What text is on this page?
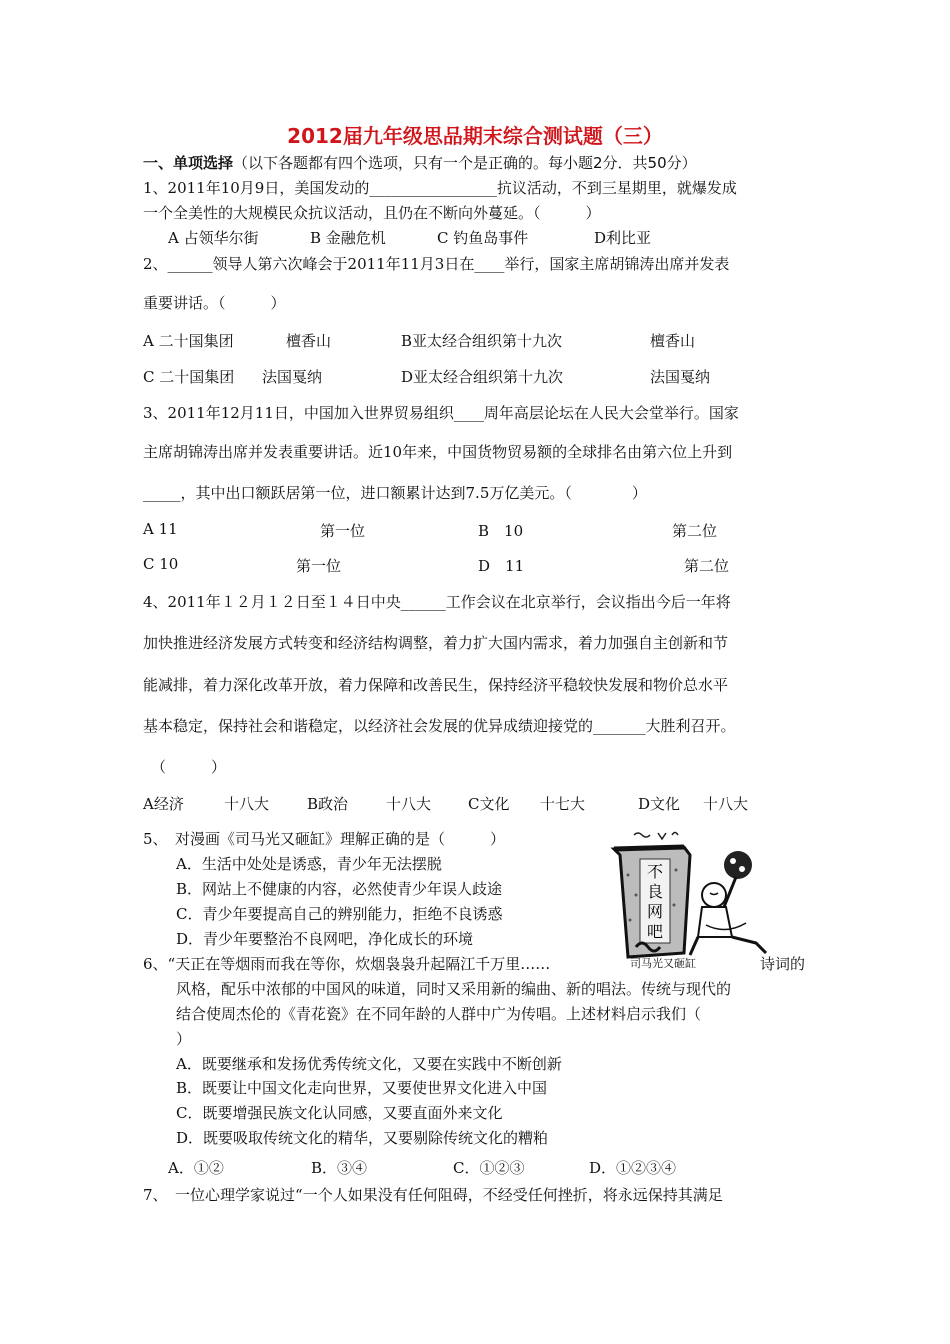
2012届九年级思品期末综合测试题（三）
一、单项选择（以下各题都有四个选项，只有一个是正确的。每小题2分．共50分）
1、2011年10月9日，美国发动的_________________抗议活动，不到三星期里，就爆发成
一个全美性的大规模民众抗议活动，且仍在不断向外蔓延。（　　　）
A 占领华尔街	B 金融危机	C 钓鱼岛事件	D利比亚
2、______领导人第六次峰会于2011年11月3日在____举行，国家主席胡锦涛出席并发表
重要讲话。（　　　）
A 二十国集团	檀香山	B亚太经合组织第十九次	檀香山
C 二十国集团 法国戛纳	D亚太经合组织第十九次	法国戛纳
3、2011年12月11日，中国加入世界贸易组织____周年高层论坛在人民大会堂举行。国家
主席胡锦涛出席并发表重要讲话。近10年来，中国货物贸易额的全球排名由第六位上升到
_____，其中出口额跃居第一位，进口额累计达到7.5万亿美元。（　　　　）
A 11	第一位	B　10	第二位
C 10	第一位	D　11	第二位
4、2011年１２月１２日至１４日中央______工作会议在北京举行，会议指出今后一年将
加快推进经济发展方式转变和经济结构调整，着力扩大国内需求，着力加强自主创新和节
能减排，着力深化改革开放，着力保障和改善民生，保持经济平稳较快发展和物价总水平
基本稳定，保持社会和谐稳定，以经济社会发展的优异成绩迎接党的_______大胜利召开。
（　　　）
A经济	十八大	B政治	十八大 C文化 十七大	D文化 十八大
5、　对漫画《司马光又砸缸》理解正确的是（　　　）
A．生活中处处是诱惑，青少年无法摆脱
B．网站上不健康的内容，必然使青少年误人歧途
C．青少年要提高自己的辨别能力，拒绝不良诱惑
D．青少年要整治不良网吧，净化成长的环境
不
良
网
吧
司马光又砸缸
6、“天正在等烟雨而我在等你，炊烟袅袅升起隔江千万里……	诗词的
风格，配乐中浓郁的中国风的味道，同时又采用新的编曲、新的唱法。传统与现代的
结合使周杰伦的《青花瓷》在不同年龄的人群中广为传唱。上述材料启示我们（
）
A．既要继承和发扬优秀传统文化，又要在实践中不断创新
B．既要让中国文化走向世界，又要使世界文化进入中国
C．既要增强民族文化认同感，又要直面外来文化
D．既要吸取传统文化的精华，又要剔除传统文化的糟粕
A．①②	B．③④	C．①②③	D．①②③④
7、　一位心理学家说过“一个人如果没有任何阻碍，不经受任何挫折，将永远保持其满足
